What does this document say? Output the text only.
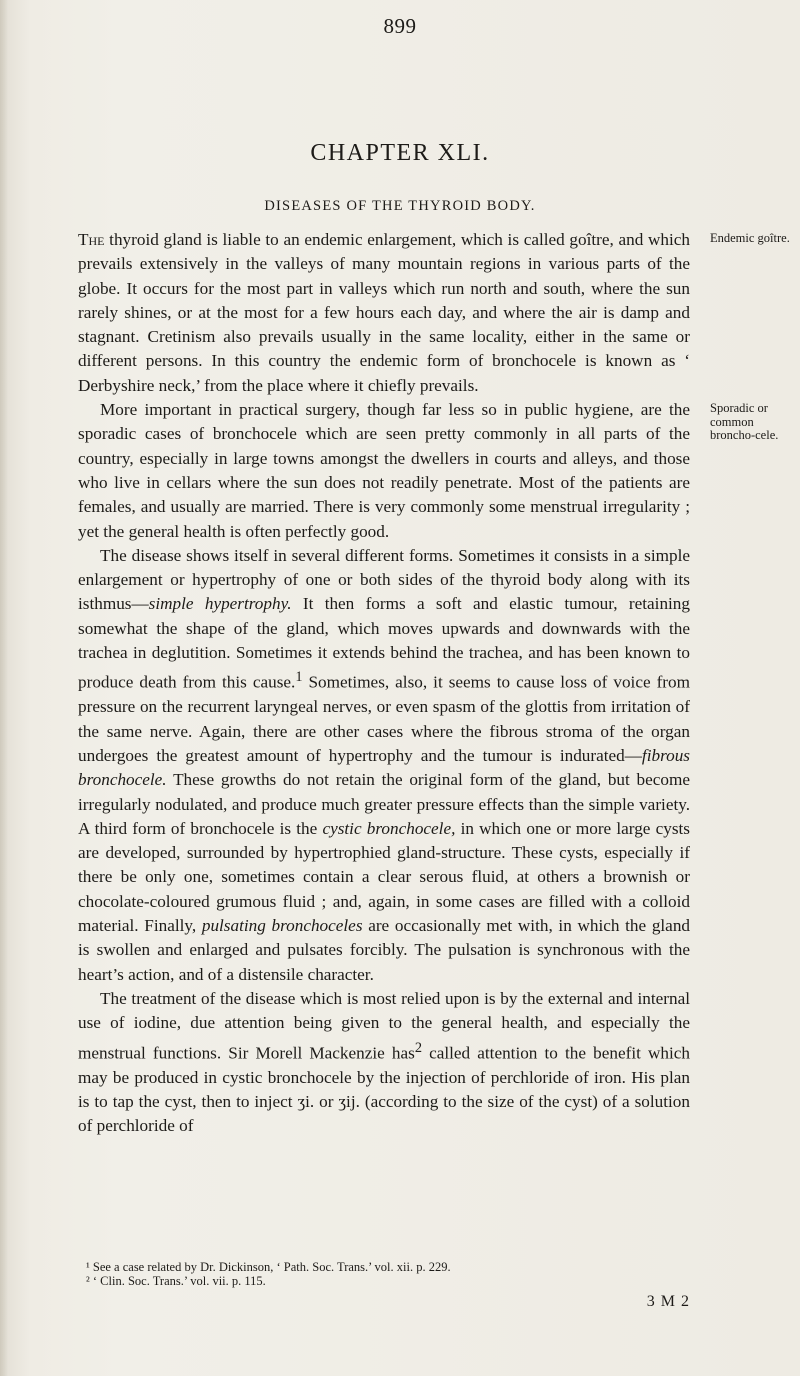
899
CHAPTER XLI.
DISEASES OF THE THYROID BODY.

The thyroid gland is liable to an endemic enlargement, which is called goître, and which prevails extensively in the valleys of many mountain regions in various parts of the globe. It occurs for the most part in valleys which run north and south, where the sun rarely shines, or at the most for a few hours each day, and where the air is damp and stagnant. Cretinism also prevails usually in the same locality, either in the same or different persons. In this country the endemic form of bronchocele is known as ‘ Derbyshire neck,’ from the place where it chiefly prevails.

More important in practical surgery, though far less so in public hygiene, are the sporadic cases of bronchocele which are seen pretty commonly in all parts of the country, especially in large towns amongst the dwellers in courts and alleys, and those who live in cellars where the sun does not readily penetrate. Most of the patients are females, and usually are married. There is very commonly some menstrual irregularity ; yet the general health is often perfectly good.

The disease shows itself in several different forms. Sometimes it consists in a simple enlargement or hypertrophy of one or both sides of the thyroid body along with its isthmus—simple hypertrophy. It then forms a soft and elastic tumour, retaining somewhat the shape of the gland, which moves upwards and downwards with the trachea in deglutition. Sometimes it extends behind the trachea, and has been known to produce death from this cause.$^1$ Sometimes, also, it seems to cause loss of voice from pressure on the recurrent laryngeal nerves, or even spasm of the glottis from irritation of the same nerve. Again, there are other cases where the fibrous stroma of the organ undergoes the greatest amount of hypertrophy and the tumour is indurated—fibrous bronchocele. These growths do not retain the original form of the gland, but become irregularly nodulated, and produce much greater pressure effects than the simple variety. A third form of bronchocele is the cystic bronchocele, in which one or more large cysts are developed, surrounded by hypertrophied gland-structure. These cysts, especially if there be only one, sometimes contain a clear serous fluid, at others a brownish or chocolate-coloured grumous fluid ; and, again, in some cases are filled with a colloid material. Finally, pulsating bronchoceles are occasionally met with, in which the gland is swollen and enlarged and pulsates forcibly. The pulsation is synchronous with the heart’s action, and of a distensile character.

The treatment of the disease which is most relied upon is by the external and internal use of iodine, due attention being given to the general health, and especially the menstrual functions. Sir Morell Mackenzie has$^2$ called attention to the benefit which may be produced in cystic bronchocele by the injection of perchloride of iron. His plan is to tap the cyst, then to inject ʒi. or ʒij. (according to the size of the cyst) of a solution of perchloride of

Endemic goître.
Sporadic or common broncho-cele.
¹ See a case related by Dr. Dickinson, ‘ Path. Soc. Trans.’ vol. xii. p. 229.
² ‘ Clin. Soc. Trans.’ vol. vii. p. 115.
3 M 2
